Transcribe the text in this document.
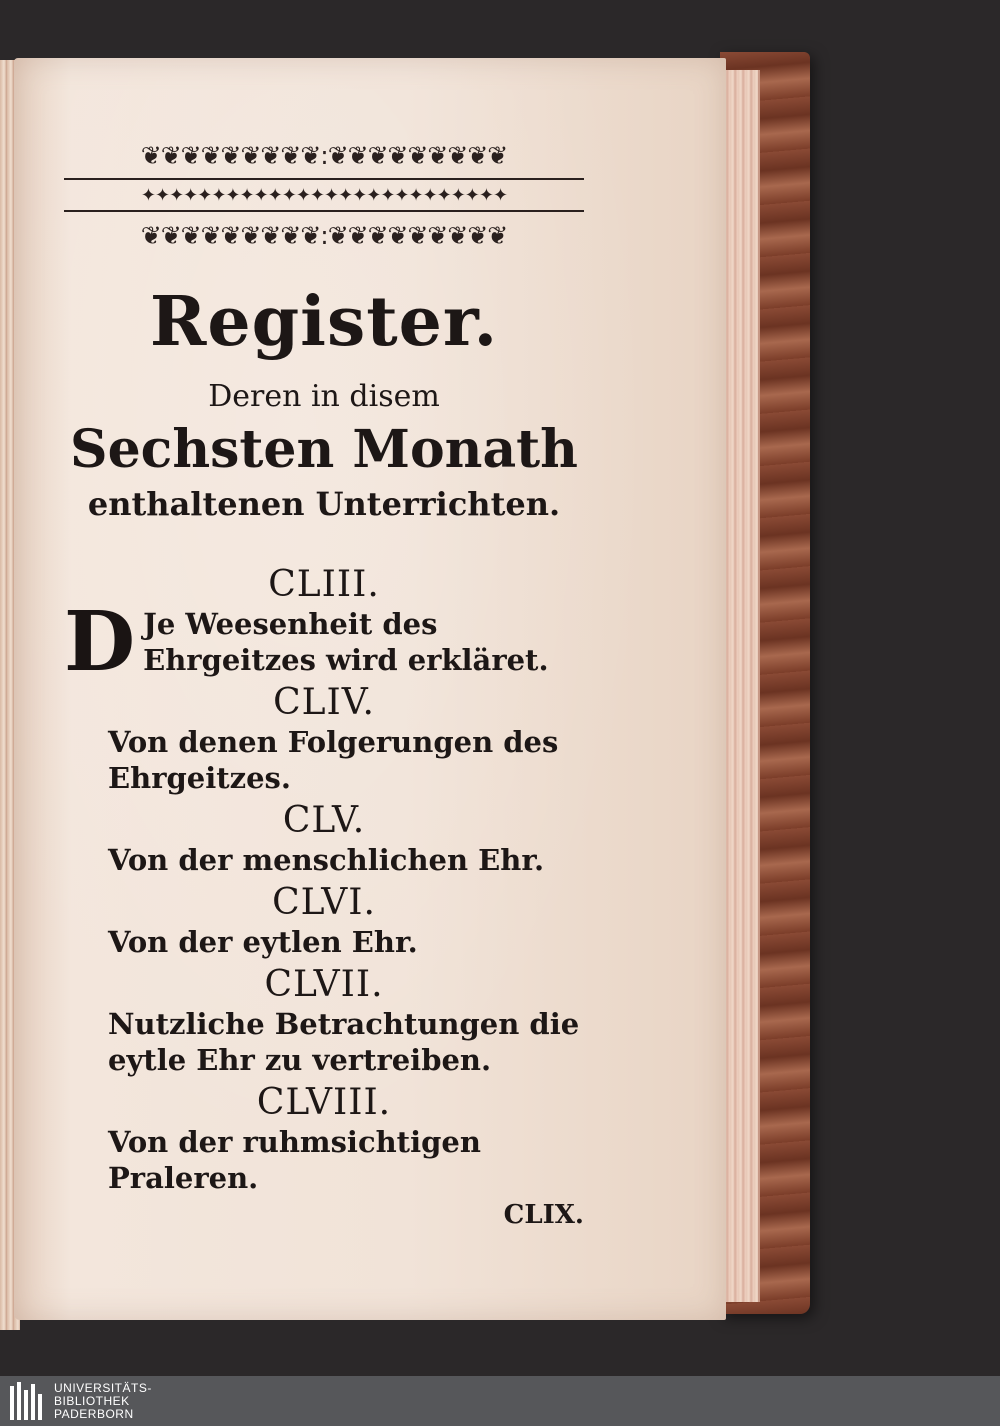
❦❦❦❦❦❦❦❦❦:❦❦❦❦❦❦❦❦❦
✦✦✦✦✦✦✦✦✦✦✦✦✦✦✦✦✦✦✦✦✦✦✦✦✦✦
❦❦❦❦❦❦❦❦❦:❦❦❦❦❦❦❦❦❦
Register.
Deren in disem
Sechsten Monath
enthaltenen Unterrichten.
CLIII.
D Je Weesenheit des Ehrgeitzes wird erkläret.
CLIV.
Von denen Folgerungen des Ehrgeitzes.
CLV.
Von der menschlichen Ehr.
CLVI.
Von der eytlen Ehr.
CLVII.
Nutzliche Betrachtungen die eytle Ehr zu vertreiben.
CLVIII.
Von der ruhmsichtigen Praleren.
CLIX.
UNIVERSITÄTS-
BIBLIOTHEK
PADERBORN
